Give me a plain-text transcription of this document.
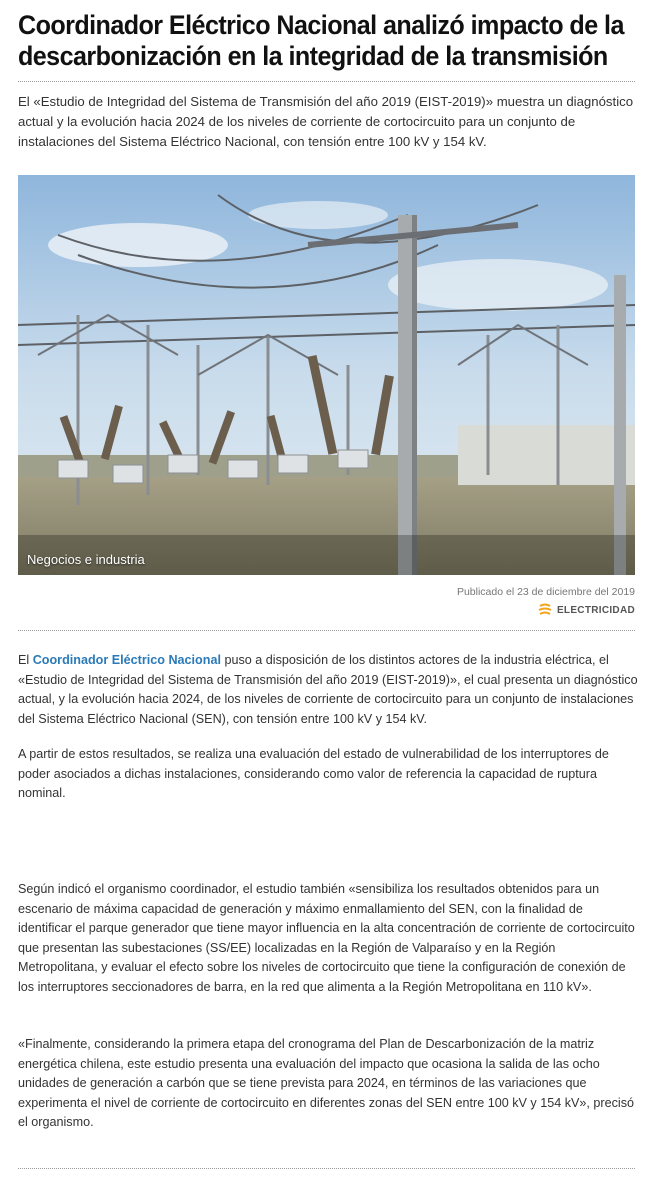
Coordinador Eléctrico Nacional analizó impacto de la descarbonización en la integridad de la transmisión

El «Estudio de Integridad del Sistema de Transmisión del año 2019 (EIST-2019)» muestra un diagnóstico actual y la evolución hacia 2024 de los niveles de corriente de cortocircuito para un conjunto de instalaciones del Sistema Eléctrico Nacional, con tensión entre 100 kV y 154 kV.

Negocios e industria
Publicado el 23 de diciembre del 2019
ELECTRICIDAD

El Coordinador Eléctrico Nacional puso a disposición de los distintos actores de la industria eléctrica, el «Estudio de Integridad del Sistema de Transmisión del año 2019 (EIST-2019)», el cual presenta un diagnóstico actual, y la evolución hacia 2024, de los niveles de corriente de cortocircuito para un conjunto de instalaciones del Sistema Eléctrico Nacional (SEN), con tensión entre 100 kV y 154 kV.

A partir de estos resultados, se realiza una evaluación del estado de vulnerabilidad de los interruptores de poder asociados a dichas instalaciones, considerando como valor de referencia la capacidad de ruptura nominal.

Según indicó el organismo coordinador, el estudio también «sensibiliza los resultados obtenidos para un escenario de máxima capacidad de generación y máximo enmallamiento del SEN, con la finalidad de identificar el parque generador que tiene mayor influencia en la alta concentración de corriente de cortocircuito que presentan las subestaciones (SS/EE) localizadas en la Región de Valparaíso y en la Región Metropolitana, y evaluar el efecto sobre los niveles de cortocircuito que tiene la configuración de conexión de los interruptores seccionadores de barra, en la red que alimenta a la Región Metropolitana en 110 kV».

«Finalmente, considerando la primera etapa del cronograma del Plan de Descarbonización de la matriz energética chilena, este estudio presenta una evaluación del impacto que ocasiona la salida de las ocho unidades de generación a carbón que se tiene prevista para 2024, en términos de las variaciones que experimenta el nivel de corriente de cortocircuito en diferentes zonas del SEN entre 100 kV y 154 kV», precisó el organismo.
